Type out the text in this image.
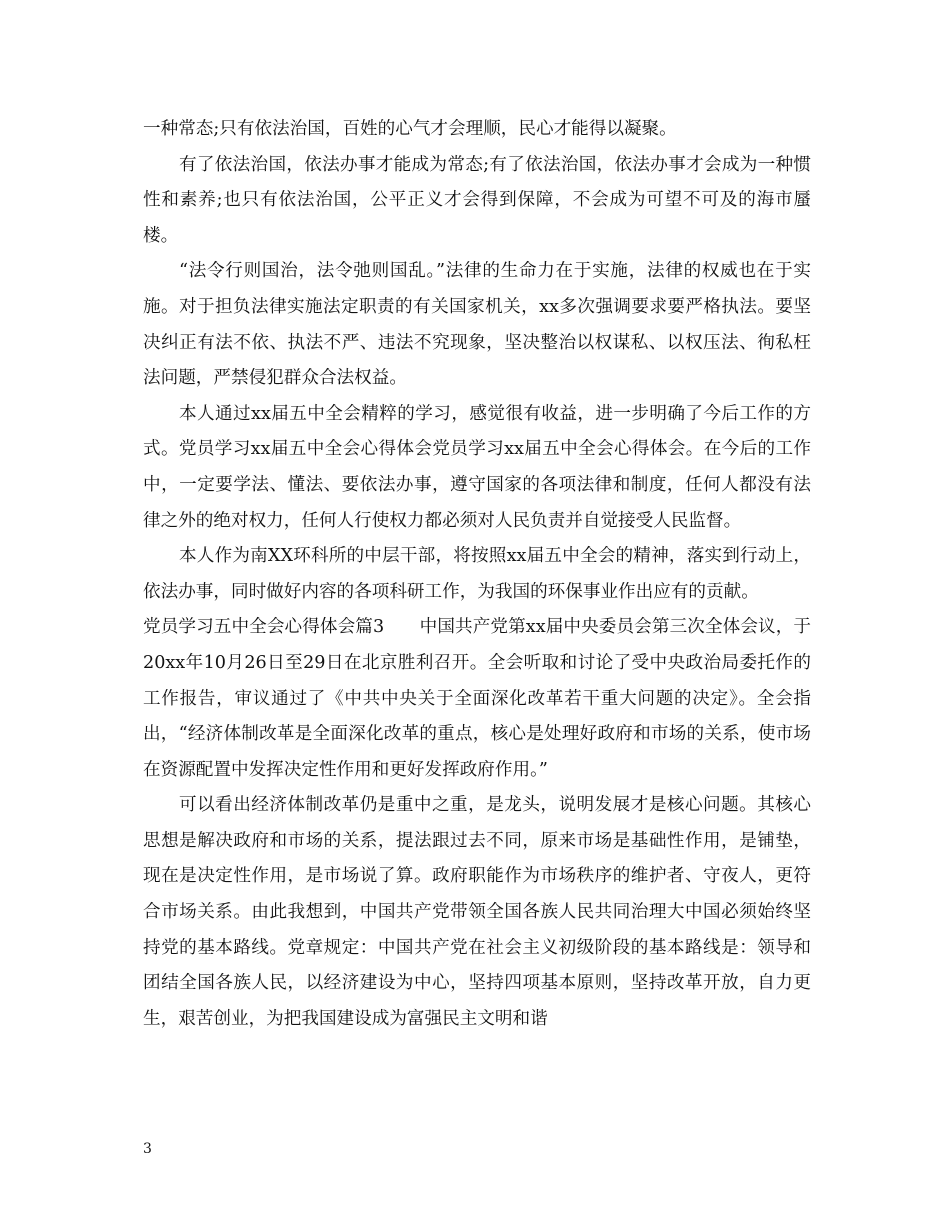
一种常态;只有依法治国，百姓的心气才会理顺，民心才能得以凝聚。

有了依法治国，依法办事才能成为常态;有了依法治国，依法办事才会成为一种惯性和素养;也只有依法治国，公平正义才会得到保障，不会成为可望不可及的海市蜃楼。

“法令行则国治，法令弛则国乱。”法律的生命力在于实施，法律的权威也在于实施。对于担负法律实施法定职责的有关国家机关，xx多次强调要求要严格执法。要坚决纠正有法不依、执法不严、违法不究现象，坚决整治以权谋私、以权压法、徇私枉法问题，严禁侵犯群众合法权益。

本人通过xx届五中全会精粹的学习，感觉很有收益，进一步明确了今后工作的方式。党员学习xx届五中全会心得体会党员学习xx届五中全会心得体会。在今后的工作中，一定要学法、懂法、要依法办事，遵守国家的各项法律和制度，任何人都没有法律之外的绝对权力，任何人行使权力都必须对人民负责并自觉接受人民监督。

本人作为南XX环科所的中层干部，将按照xx届五中全会的精神，落实到行动上，依法办事，同时做好内容的各项科研工作，为我国的环保事业作出应有的贡献。

党员学习五中全会心得体会篇3　　中国共产党第xx届中央委员会第三次全体会议，于20xx年10月26日至29日在北京胜利召开。全会听取和讨论了受中央政治局委托作的工作报告，审议通过了《中共中央关于全面深化改革若干重大问题的决定》。全会指出，“经济体制改革是全面深化改革的重点，核心是处理好政府和市场的关系，使市场在资源配置中发挥决定性作用和更好发挥政府作用。”

可以看出经济体制改革仍是重中之重，是龙头，说明发展才是核心问题。其核心思想是解决政府和市场的关系，提法跟过去不同，原来市场是基础性作用，是铺垫，现在是决定性作用，是市场说了算。政府职能作为市场秩序的维护者、守夜人，更符合市场关系。由此我想到，中国共产党带领全国各族人民共同治理大中国必须始终坚持党的基本路线。党章规定：中国共产党在社会主义初级阶段的基本路线是：领导和团结全国各族人民，以经济建设为中心，坚持四项基本原则，坚持改革开放，自力更生，艰苦创业，为把我国建设成为富强民主文明和谐

3
